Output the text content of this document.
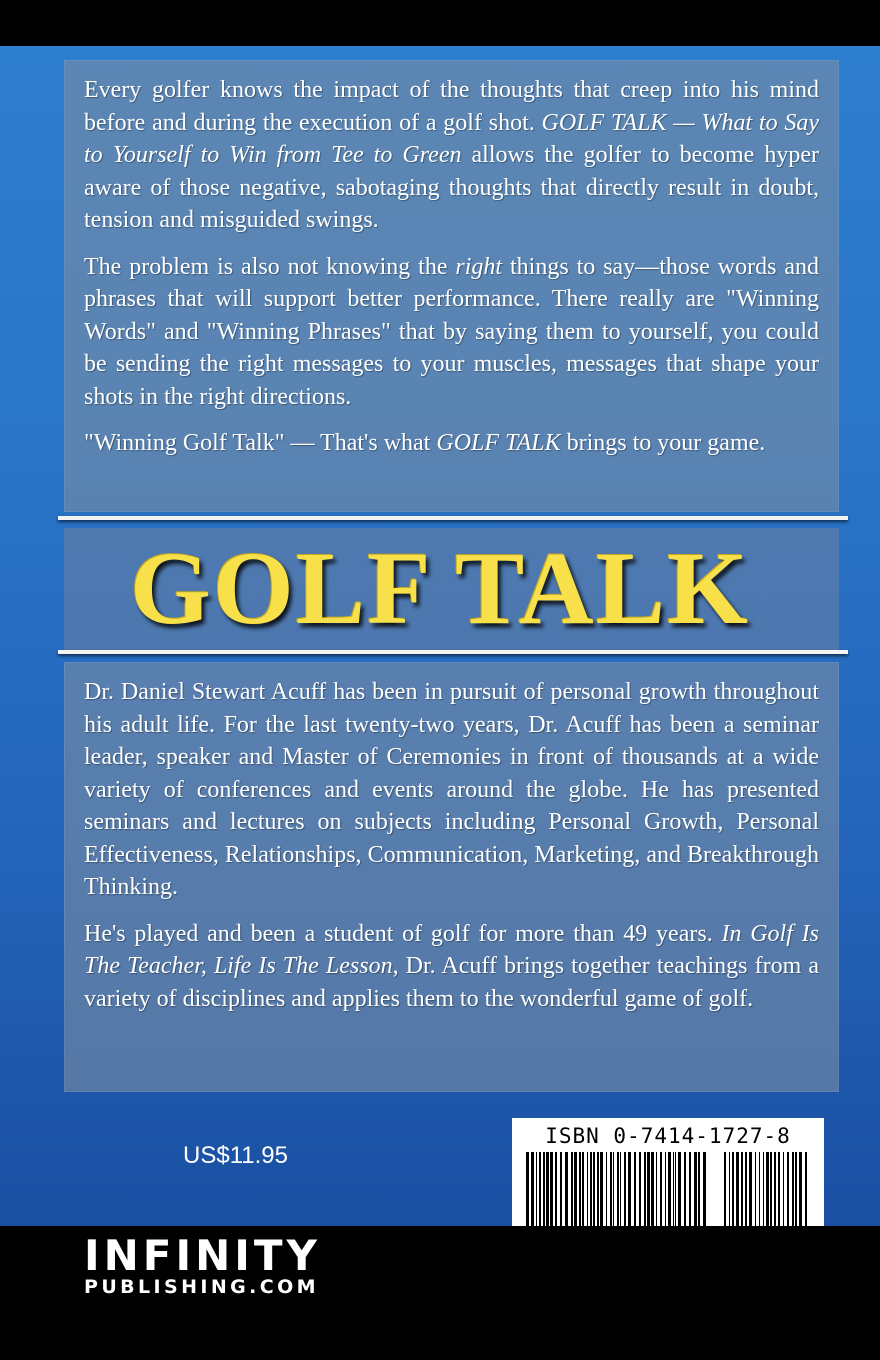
Every golfer knows the impact of the thoughts that creep into his mind before and during the execution of a golf shot. GOLF TALK — What to Say to Yourself to Win from Tee to Green allows the golfer to become hyper aware of those negative, sabotaging thoughts that directly result in doubt, tension and misguided swings.

The problem is also not knowing the right things to say—those words and phrases that will support better performance. There really are "Winning Words" and "Winning Phrases" that by saying them to yourself, you could be sending the right messages to your muscles, messages that shape your shots in the right directions.

"Winning Golf Talk" — That's what GOLF TALK brings to your game.

GOLF TALK

Dr. Daniel Stewart Acuff has been in pursuit of personal growth throughout his adult life. For the last twenty-two years, Dr. Acuff has been a seminar leader, speaker and Master of Ceremonies in front of thousands at a wide variety of conferences and events around the globe. He has presented seminars and lectures on subjects including Personal Growth, Personal Effectiveness, Relationships, Communication, Marketing, and Breakthrough Thinking.

He's played and been a student of golf for more than 49 years. In Golf Is The Teacher, Life Is The Lesson, Dr. Acuff brings together teachings from a variety of disciplines and applies them to the wonderful game of golf.

US$11.95
ISBN 0-7414-1727-8
INFINITY
PUBLISHING.COM
